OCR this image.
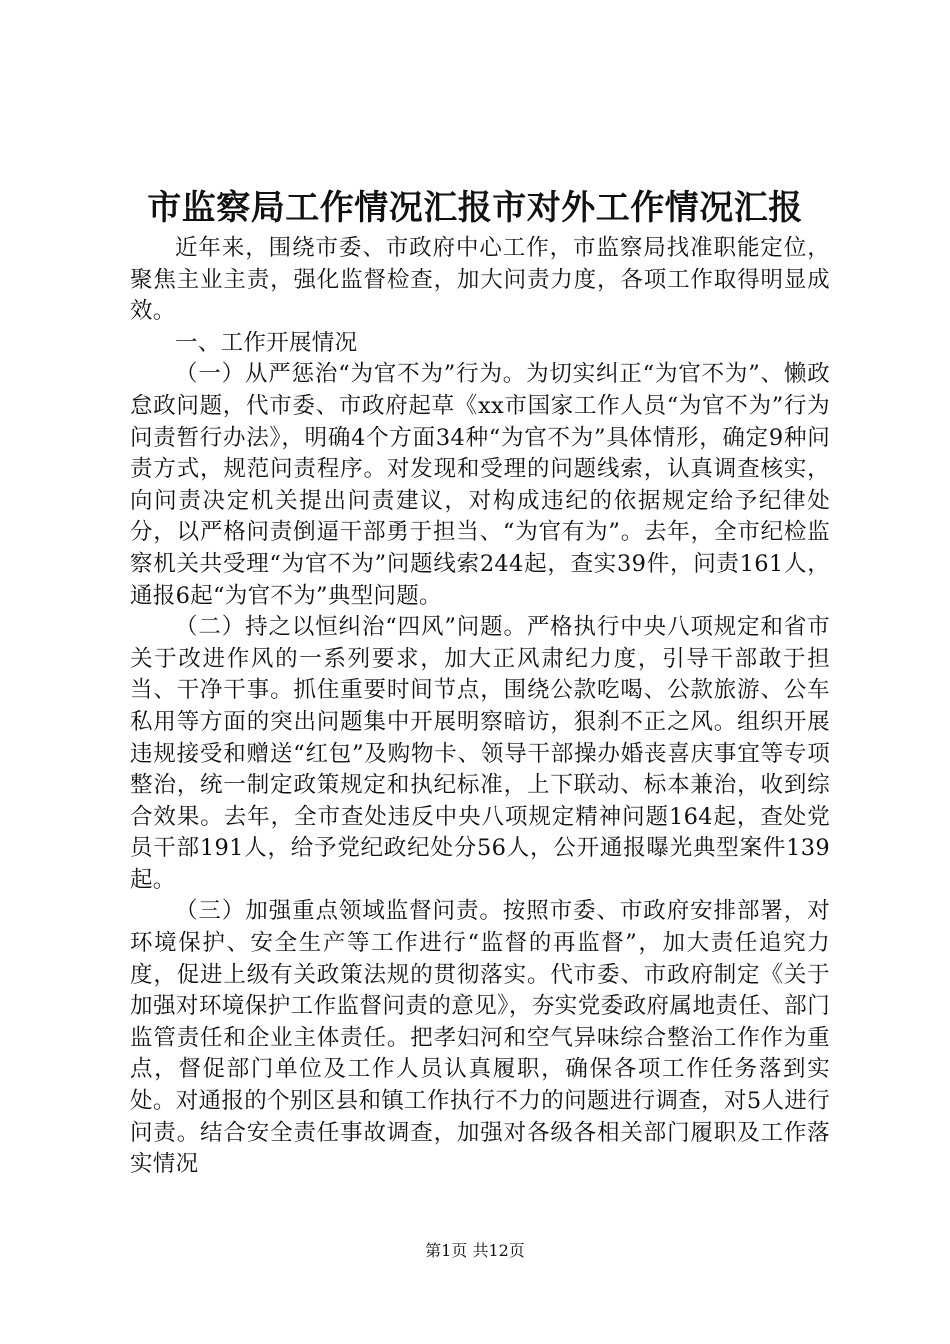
市监察局工作情况汇报市对外工作情况汇报

近年来，围绕市委、市政府中心工作，市监察局找准职能定位，聚焦主业主责，强化监督检查，加大问责力度，各项工作取得明显成效。

一、工作开展情况

（一）从严惩治“为官不为”行为。为切实纠正“为官不为”、懒政怠政问题，代市委、市政府起草《xx市国家工作人员“为官不为”行为问责暂行办法》，明确4个方面34种“为官不为”具体情形，确定9种问责方式，规范问责程序。对发现和受理的问题线索，认真调查核实，向问责决定机关提出问责建议，对构成违纪的依据规定给予纪律处分，以严格问责倒逼干部勇于担当、“为官有为”。去年，全市纪检监察机关共受理“为官不为”问题线索244起，查实39件，问责161人，通报6起“为官不为”典型问题。

（二）持之以恒纠治“四风”问题。严格执行中央八项规定和省市关于改进作风的一系列要求，加大正风肃纪力度，引导干部敢于担当、干净干事。抓住重要时间节点，围绕公款吃喝、公款旅游、公车私用等方面的突出问题集中开展明察暗访，狠刹不正之风。组织开展违规接受和赠送“红包”及购物卡、领导干部操办婚丧喜庆事宜等专项整治，统一制定政策规定和执纪标准，上下联动、标本兼治，收到综合效果。去年，全市查处违反中央八项规定精神问题164起，查处党员干部191人，给予党纪政纪处分56人，公开通报曝光典型案件139起。

（三）加强重点领域监督问责。按照市委、市政府安排部署，对环境保护、安全生产等工作进行“监督的再监督”，加大责任追究力度，促进上级有关政策法规的贯彻落实。代市委、市政府制定《关于加强对环境保护工作监督问责的意见》，夯实党委政府属地责任、部门监管责任和企业主体责任。把孝妇河和空气异味综合整治工作作为重点，督促部门单位及工作人员认真履职，确保各项工作任务落到实处。对通报的个别区县和镇工作执行不力的问题进行调查，对5人进行问责。结合安全责任事故调查，加强对各级各相关部门履职及工作落实情况

第1页 共12页
